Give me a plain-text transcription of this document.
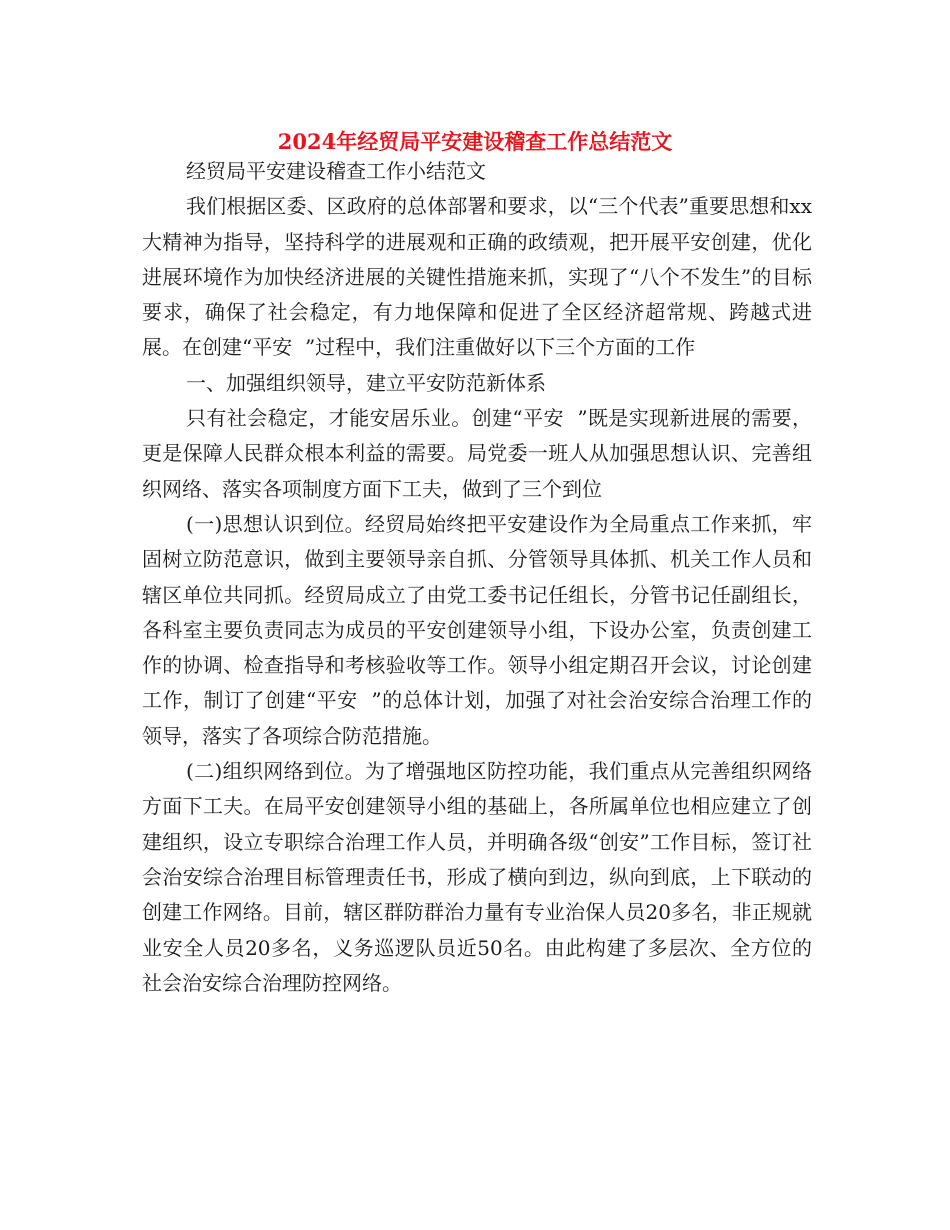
2024年经贸局平安建设稽查工作总结范文

经贸局平安建设稽查工作小结范文

我们根据区委、区政府的总体部署和要求，以“三个代表”重要思想和xx大精神为指导，坚持科学的进展观和正确的政绩观，把开展平安创建，优化进展环境作为加快经济进展的关键性措施来抓，实现了“八个不发生”的目标要求，确保了社会稳定，有力地保障和促进了全区经济超常规、跨越式进展。在创建“平安  ”过程中，我们注重做好以下三个方面的工作

一、加强组织领导，建立平安防范新体系

只有社会稳定，才能安居乐业。创建“平安  ”既是实现新进展的需要，更是保障人民群众根本利益的需要。局党委一班人从加强思想认识、完善组织网络、落实各项制度方面下工夫，做到了三个到位

(一)思想认识到位。经贸局始终把平安建设作为全局重点工作来抓，牢固树立防范意识，做到主要领导亲自抓、分管领导具体抓、机关工作人员和辖区单位共同抓。经贸局成立了由党工委书记任组长，分管书记任副组长，各科室主要负责同志为成员的平安创建领导小组，下设办公室，负责创建工作的协调、检查指导和考核验收等工作。领导小组定期召开会议，讨论创建工作，制订了创建“平安  ”的总体计划，加强了对社会治安综合治理工作的领导，落实了各项综合防范措施。

(二)组织网络到位。为了增强地区防控功能，我们重点从完善组织网络方面下工夫。在局平安创建领导小组的基础上，各所属单位也相应建立了创建组织，设立专职综合治理工作人员，并明确各级“创安”工作目标，签订社会治安综合治理目标管理责任书，形成了横向到边，纵向到底，上下联动的创建工作网络。目前，辖区群防群治力量有专业治保人员20多名，非正规就业安全人员20多名，义务巡逻队员近50名。由此构建了多层次、全方位的社会治安综合治理防控网络。
